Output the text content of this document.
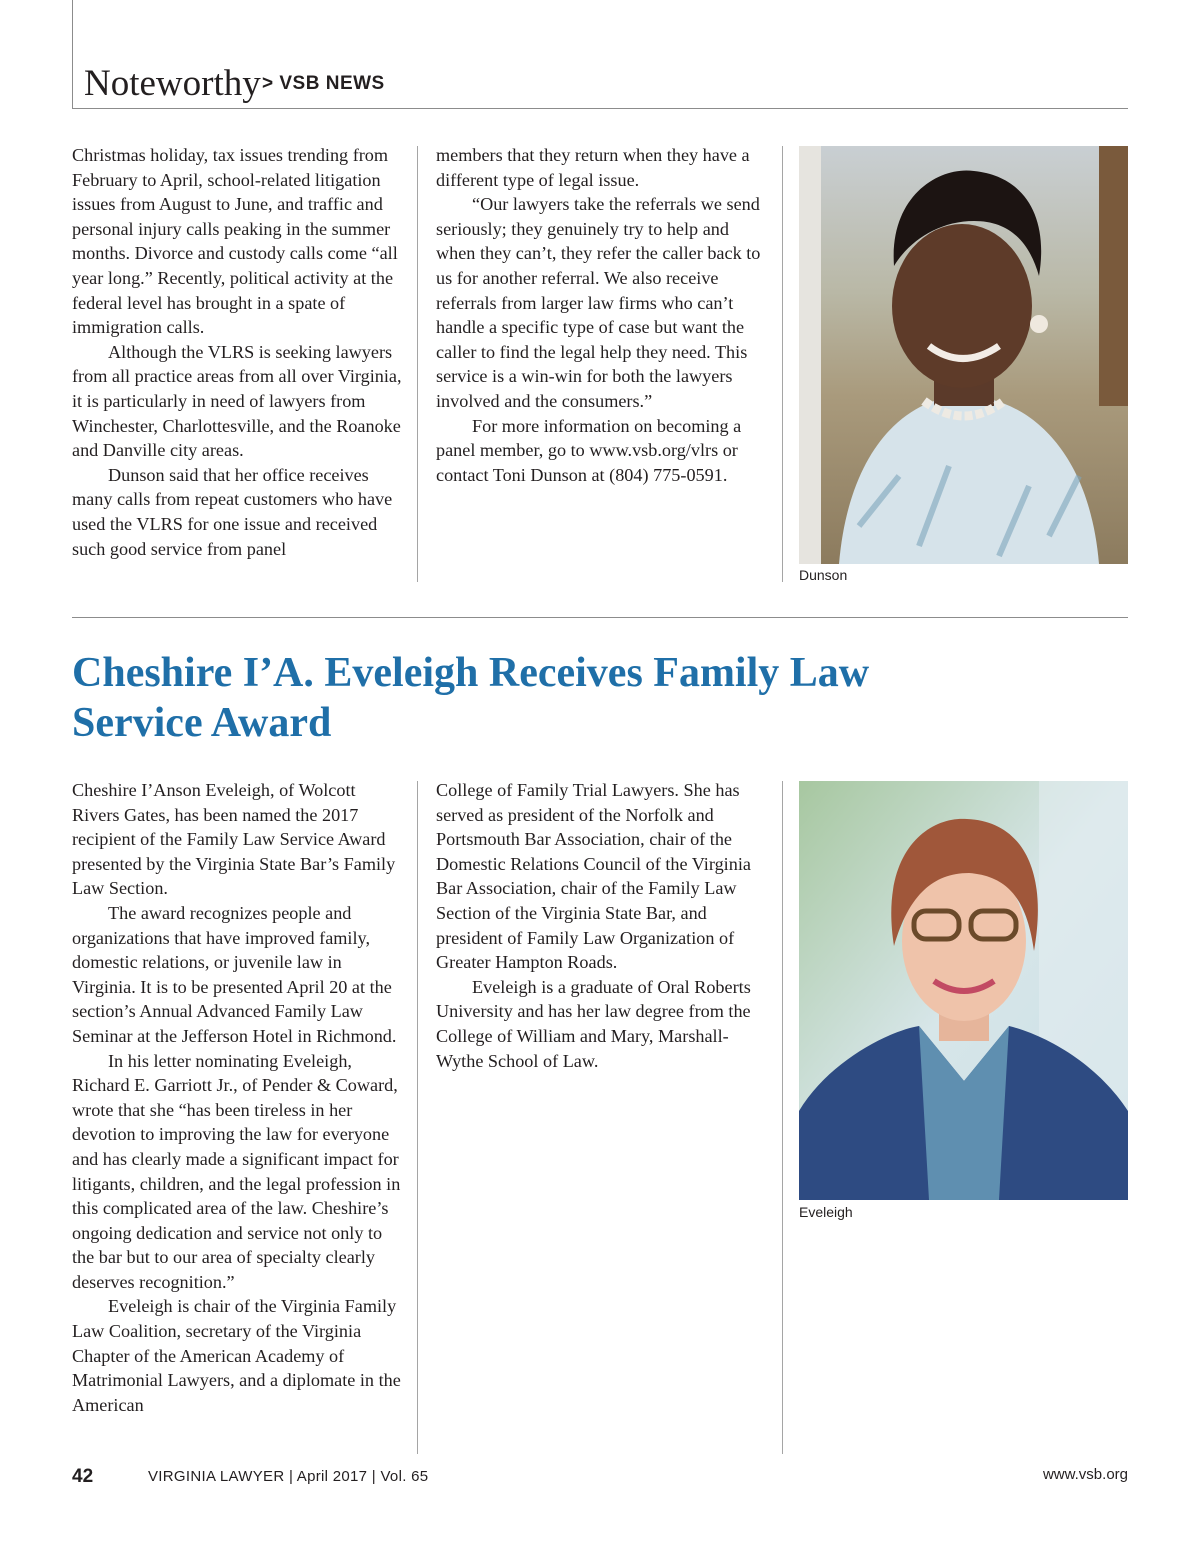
Noteworthy > VSB NEWS

Christmas holiday, tax issues trending from February to April, school-related litigation issues from August to June, and traffic and personal injury calls peaking in the summer months. Divorce and custody calls come “all year long.” Recently, political activity at the federal level has brought in a spate of immigration calls.

Although the VLRS is seeking lawyers from all practice areas from all over Virginia, it is particularly in need of lawyers from Winchester, Charlottesville, and the Roanoke and Danville city areas.

Dunson said that her office receives many calls from repeat customers who have used the VLRS for one issue and received such good service from panel

members that they return when they have a different type of legal issue.

“Our lawyers take the referrals we send seriously; they genuinely try to help and when they can’t, they refer the caller back to us for another referral. We also receive referrals from larger law firms who can’t handle a specific type of case but want the caller to find the legal help they need. This service is a win-win for both the lawyers involved and the consumers.”

For more information on becoming a panel member, go to www.vsb.org/vlrs or contact Toni Dunson at (804) 775-0591.

Dunson
Cheshire I’A. Eveleigh Receives Family Law Service Award

Cheshire I’Anson Eveleigh, of Wolcott Rivers Gates, has been named the 2017 recipient of the Family Law Service Award presented by the Virginia State Bar’s Family Law Section.

The award recognizes people and organizations that have improved family, domestic relations, or juvenile law in Virginia. It is to be presented April 20 at the section’s Annual Advanced Family Law Seminar at the Jefferson Hotel in Richmond.

In his letter nominating Eveleigh, Richard E. Garriott Jr., of Pender & Coward, wrote that she “has been tireless in her devotion to improving the law for everyone and has clearly made a significant impact for litigants, children, and the legal profession in this complicated area of the law. Cheshire’s ongoing dedication and service not only to the bar but to our area of specialty clearly deserves recognition.”

Eveleigh is chair of the Virginia Family Law Coalition, secretary of the Virginia Chapter of the American Academy of Matrimonial Lawyers, and a diplomate in the American

College of Family Trial Lawyers. She has served as president of the Norfolk and Portsmouth Bar Association, chair of the Domestic Relations Council of the Virginia Bar Association, chair of the Family Law Section of the Virginia State Bar, and president of Family Law Organization of Greater Hampton Roads.

Eveleigh is a graduate of Oral Roberts University and has her law degree from the College of William and Mary, Marshall-Wythe School of Law.

Eveleigh
42	VIRGINIA LAWYER | April 2017 | Vol. 65	www.vsb.org
